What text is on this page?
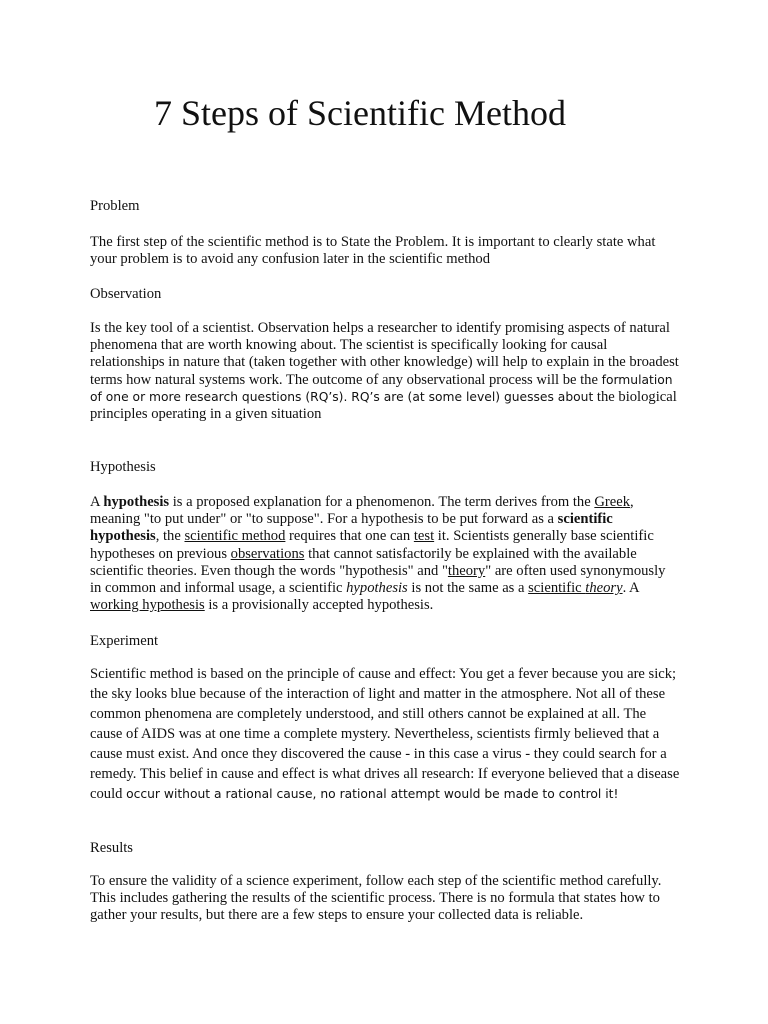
7 Steps of Scientific Method

Problem

The first step of the scientific method is to State the Problem. It is important to clearly state what your problem is to avoid any confusion later in the scientific method

Observation

Is the key tool of a scientist. Observation helps a researcher to identify promising aspects of natural phenomena that are worth knowing about. The scientist is specifically looking for causal relationships in nature that (taken together with other knowledge) will help to explain in the broadest terms how natural systems work. The outcome of any observational process will be the formulation of one or more research questions (RQ’s). RQ’s are (at some level) guesses about the biological principles operating in a given situation

Hypothesis

A hypothesis is a proposed explanation for a phenomenon. The term derives from the Greek, meaning "to put under" or "to suppose". For a hypothesis to be put forward as a scientific hypothesis, the scientific method requires that one can test it. Scientists generally base scientific hypotheses on previous observations that cannot satisfactorily be explained with the available scientific theories. Even though the words "hypothesis" and "theory" are often used synonymously in common and informal usage, a scientific hypothesis is not the same as a scientific theory. A working hypothesis is a provisionally accepted hypothesis.

Experiment

Scientific method is based on the principle of cause and effect: You get a fever because you are sick; the sky looks blue because of the interaction of light and matter in the atmosphere. Not all of these common phenomena are completely understood, and still others cannot be explained at all. The cause of AIDS was at one time a complete mystery. Nevertheless, scientists firmly believed that a cause must exist. And once they discovered the cause - in this case a virus - they could search for a remedy. This belief in cause and effect is what drives all research: If everyone believed that a disease could occur without a rational cause, no rational attempt would be made to control it!

Results

To ensure the validity of a science experiment, follow each step of the scientific method carefully. This includes gathering the results of the scientific process. There is no formula that states how to gather your results, but there are a few steps to ensure your collected data is reliable.
